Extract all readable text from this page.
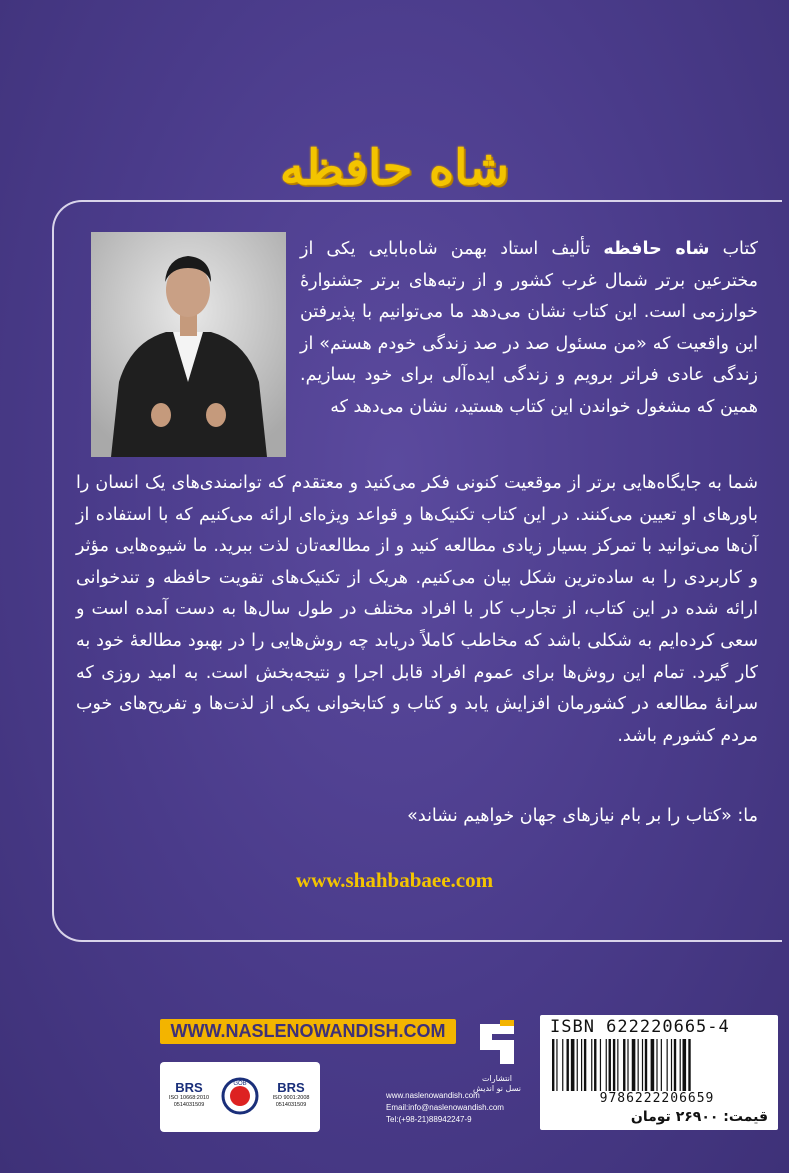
شاه حافظه
کتاب شاه حافظه تألیف استاد بهمن شاه‌بابایی یکی از مخترعین برتر شمال غرب کشور و از رتبه‌های برتر جشنوارهٔ خوارزمی است. این کتاب نشان می‌دهد ما می‌توانیم با پذیرفتن این واقعیت که «من مسئول صد در صد زندگی خودم هستم» از زندگی عادی فراتر برویم و زندگی ایده‌آلی برای خود بسازیم. همین که مشغول خواندن این کتاب هستید، نشان می‌دهد که
شما به جایگاه‌هایی برتر از موقعیت کنونی فکر می‌کنید و معتقدم که توانمندی‌های یک انسان را باورهای او تعیین می‌کنند. در این کتاب تکنیک‌ها و قواعد ویژه‌ای ارائه می‌کنیم که با استفاده از آن‌ها می‌توانید با تمرکز بسیار زیادی مطالعه کنید و از مطالعه‌تان لذت ببرید. ما شیوه‌هایی مؤثر و کاربردی را به ساده‌ترین شکل بیان می‌کنیم. هریک از تکنیک‌های تقویت حافظه و تندخوانی ارائه شده در این کتاب، از تجارب کار با افراد مختلف در طول سال‌ها به دست آمده است و سعی کرده‌ایم به شکلی باشد که مخاطب کاملاً دریابد چه روش‌هایی را در بهبود مطالعهٔ خود به کار گیرد. تمام این روش‌ها برای عموم افراد قابل اجرا و نتیجه‌بخش است. به امید روزی که سرانهٔ مطالعه در کشورمان افزایش یابد و کتاب و کتابخوانی یکی از لذت‌ها و تفریح‌های خوب مردم کشورم باشد.
ما: «کتاب را بر بام نیازهای جهان خواهیم نشاند»
www.shahbabaee.com
WWW.NASLENOWANDISH.COM
انتشارات
نسل نو اندیش
BRS
ISO 10668:2010
0514031509
GOB	BRS
ISO 9001:2008
0514031509
www.naslenowandish.com
Email:info@naslenowandish.com
Tel:(+98-21)88942247-9
ISBN 622220665-4
9786222206659
قیمت: ۲۶۹۰۰ تومان
